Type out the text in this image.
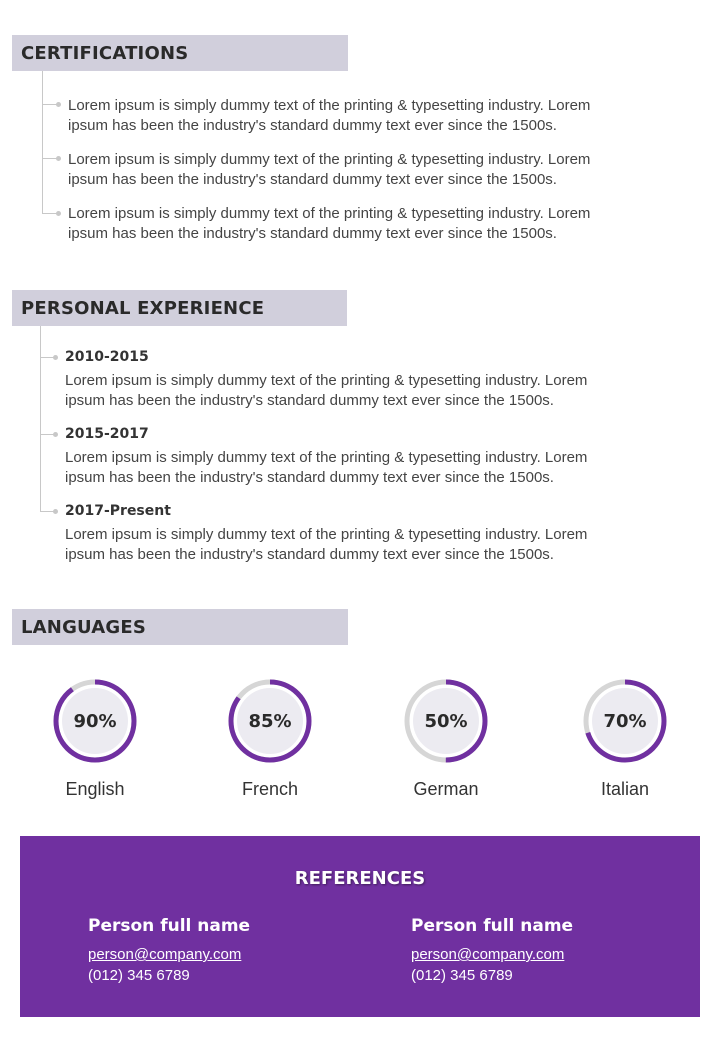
CERTIFICATIONS
Lorem ipsum is simply dummy text of the printing & typesetting industry. Lorem
ipsum has been the industry's standard dummy text ever since the 1500s.
Lorem ipsum is simply dummy text of the printing & typesetting industry. Lorem
ipsum has been the industry's standard dummy text ever since the 1500s.
Lorem ipsum is simply dummy text of the printing & typesetting industry. Lorem
ipsum has been the industry's standard dummy text ever since the 1500s.
PERSONAL EXPERIENCE
2010-2015
Lorem ipsum is simply dummy text of the printing & typesetting industry. Lorem
ipsum has been the industry's standard dummy text ever since the 1500s.
2015-2017
Lorem ipsum is simply dummy text of the printing & typesetting industry. Lorem
ipsum has been the industry's standard dummy text ever since the 1500s.
2017-Present
Lorem ipsum is simply dummy text of the printing & typesetting industry. Lorem
ipsum has been the industry's standard dummy text ever since the 1500s.
LANGUAGES
90%
English
85%
French
50%
German
70%
Italian
REFERENCES
Person full name
person@company.com
(012) 345 6789
Person full name
person@company.com
(012) 345 6789
